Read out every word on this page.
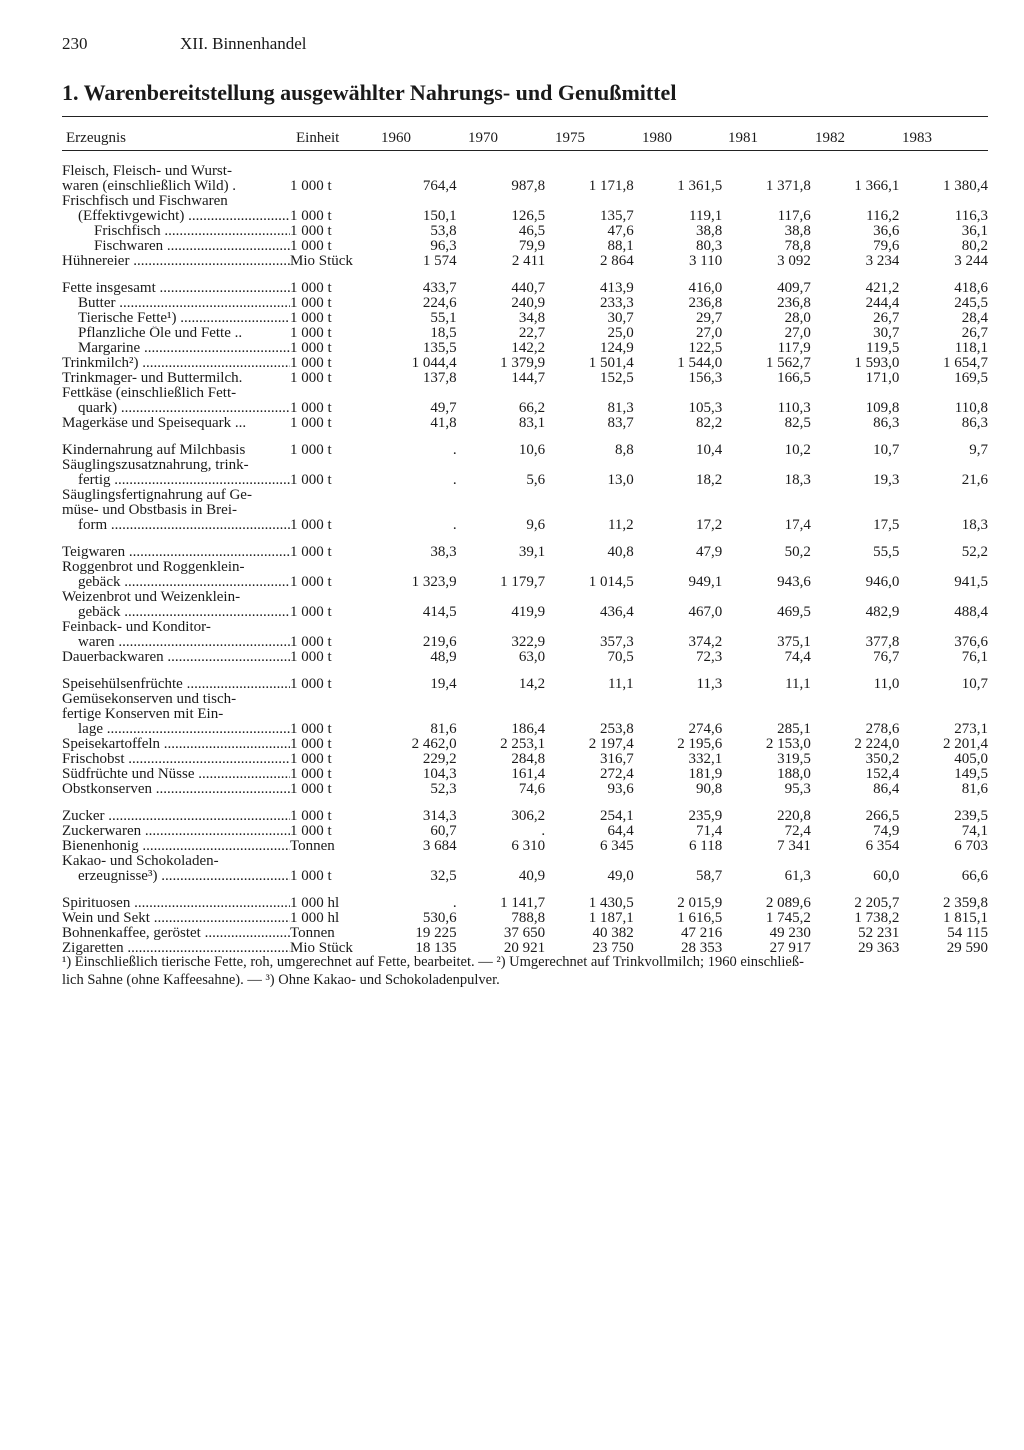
230	XII. Binnenhandel
1. Warenbereitstellung ausgewählter Nahrungs- und Genußmittel
Erzeugnis	Einheit	1960	1970	1975	1980	1981	1982	1983
Fleisch, Fleisch- und Wurst-
waren (einschließlich Wild) .	1 000 t	764,4	987,8	1 171,8	1 361,5	1 371,8	1 366,1	1 380,4

Frischfisch und Fischwaren
(Effektivgewicht) .....	1 000 t	150,1	126,5	135,7	119,1	117,6	116,2	116,3

Frischfisch .....	1 000 t	53,8	46,5	47,6	38,8	38,8	36,6	36,1

Fischwaren .....	1 000 t	96,3	79,9	88,1	80,3	78,8	79,6	80,2

Hühnereier .....	Mio Stück	1 574	2 411	2 864	3 110	3 092	3 234	3 244

Fette insgesamt .....	1 000 t	433,7	440,7	413,9	416,0	409,7	421,2	418,6

Butter .....	1 000 t	224,6	240,9	233,3	236,8	236,8	244,4	245,5

Tierische Fette¹) .....	1 000 t	55,1	34,8	30,7	29,7	28,0	26,7	28,4

Pflanzliche Öle und Fette ..	1 000 t	18,5	22,7	25,0	27,0	27,0	30,7	26,7

Margarine .....	1 000 t	135,5	142,2	124,9	122,5	117,9	119,5	118,1

Trinkmilch²) .....	1 000 t	1 044,4	1 379,9	1 501,4	1 544,0	1 562,7	1 593,0	1 654,7

Trinkmager- und Buttermilch.	1 000 t	137,8	144,7	152,5	156,3	166,5	171,0	169,5

Fettkäse (einschließlich Fett-
quark) .....	1 000 t	49,7	66,2	81,3	105,3	110,3	109,8	110,8

Magerkäse und Speisequark ...	1 000 t	41,8	83,1	83,7	82,2	82,5	86,3	86,3

Kindernahrung auf Milchbasis	1 000 t	.	10,6	8,8	10,4	10,2	10,7	9,7

Säuglingszusatznahrung, trink-
fertig .....	1 000 t	.	5,6	13,0	18,2	18,3	19,3	21,6

Säuglingsfertignahrung auf Ge-
müse- und Obstbasis in Brei-
form .....	1 000 t	.	9,6	11,2	17,2	17,4	17,5	18,3

Teigwaren .....	1 000 t	38,3	39,1	40,8	47,9	50,2	55,5	52,2

Roggenbrot und Roggenklein-
gebäck .....	1 000 t	1 323,9	1 179,7	1 014,5	949,1	943,6	946,0	941,5

Weizenbrot und Weizenklein-
gebäck .....	1 000 t	414,5	419,9	436,4	467,0	469,5	482,9	488,4

Feinback- und Konditor-
waren .....	1 000 t	219,6	322,9	357,3	374,2	375,1	377,8	376,6

Dauerbackwaren .....	1 000 t	48,9	63,0	70,5	72,3	74,4	76,7	76,1

Speisehülsenfrüchte .....	1 000 t	19,4	14,2	11,1	11,3	11,1	11,0	10,7

Gemüsekonserven und tisch-
fertige Konserven mit Ein-
lage .....	1 000 t	81,6	186,4	253,8	274,6	285,1	278,6	273,1

Speisekartoffeln .....	1 000 t	2 462,0	2 253,1	2 197,4	2 195,6	2 153,0	2 224,0	2 201,4

Frischobst .....	1 000 t	229,2	284,8	316,7	332,1	319,5	350,2	405,0

Südfrüchte und Nüsse .....	1 000 t	104,3	161,4	272,4	181,9	188,0	152,4	149,5

Obstkonserven .....	1 000 t	52,3	74,6	93,6	90,8	95,3	86,4	81,6

Zucker .....	1 000 t	314,3	306,2	254,1	235,9	220,8	266,5	239,5

Zuckerwaren .....	1 000 t	60,7	.	64,4	71,4	72,4	74,9	74,1

Bienenhonig .....	Tonnen	3 684	6 310	6 345	6 118	7 341	6 354	6 703

Kakao- und Schokoladen-
erzeugnisse³) .....	1 000 t	32,5	40,9	49,0	58,7	61,3	60,0	66,6

Spirituosen .....	1 000 hl	.	1 141,7	1 430,5	2 015,9	2 089,6	2 205,7	2 359,8

Wein und Sekt .....	1 000 hl	530,6	788,8	1 187,1	1 616,5	1 745,2	1 738,2	1 815,1

Bohnenkaffee, geröstet .....	Tonnen	19 225	37 650	40 382	47 216	49 230	52 231	54 115

Zigaretten .....	Mio Stück	18 135	20 921	23 750	28 353	27 917	29 363	29 590

¹) Einschließlich tierische Fette, roh, umgerechnet auf Fette, bearbeitet. — ²) Umgerechnet auf Trinkvollmilch; 1960 einschließ-

lich Sahne (ohne Kaffeesahne). — ³) Ohne Kakao- und Schokoladenpulver.
